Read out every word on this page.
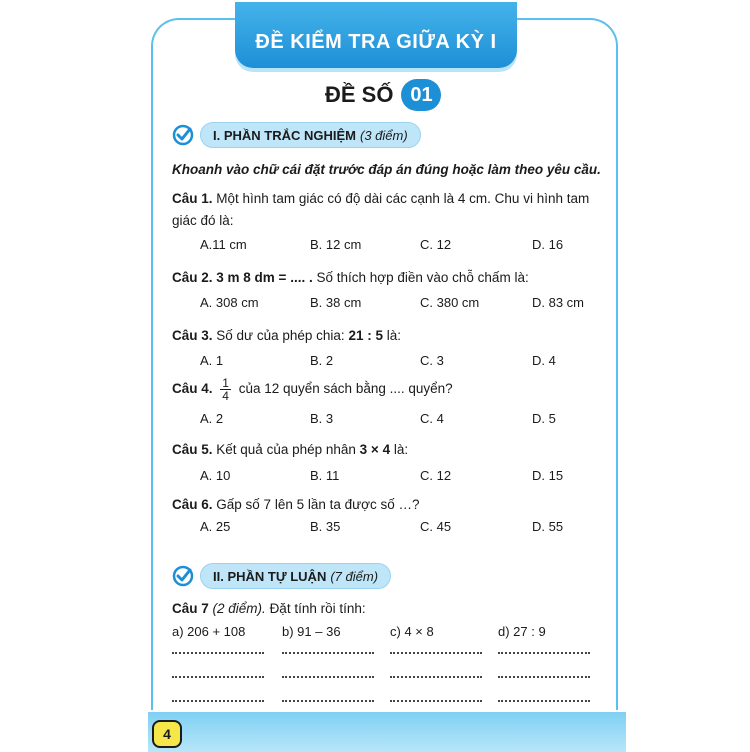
ĐỀ KIỂM TRA GIỮA KỲ I
ĐỀ SỐ 01
I. PHẦN TRẮC NGHIỆM (3 điểm)
Khoanh vào chữ cái đặt trước đáp án đúng hoặc làm theo yêu cầu.
Câu 1. Một hình tam giác có độ dài các cạnh là 4 cm. Chu vi hình tam giác đó là:
A.11 cm	B. 12 cm	C. 12	D. 16
Câu 2. 3 m 8 dm = .... . Số thích hợp điền vào chỗ chấm là:
A. 308 cm	B. 38 cm	C. 380 cm	D. 83 cm
Câu 3. Số dư của phép chia: 21 : 5 là:
A. 1	B. 2	C. 3	D. 4
Câu 4. $\frac{1}{4}$ của 12 quyển sách bằng .... quyển?
A. 2	B. 3	C. 4	D. 5
Câu 5. Kết quả của phép nhân 3 × 4 là:
A. 10	B. 11	C. 12	D. 15
Câu 6. Gấp số 7 lên 5 lần ta được số …?
A. 25	B. 35	C. 45	D. 55
II. PHẦN TỰ LUẬN (7 điểm)
Câu 7 (2 điểm). Đặt tính rồi tính:
a) 206 + 108	b) 91 – 36	c) 4 × 8	d) 27 : 9
4
